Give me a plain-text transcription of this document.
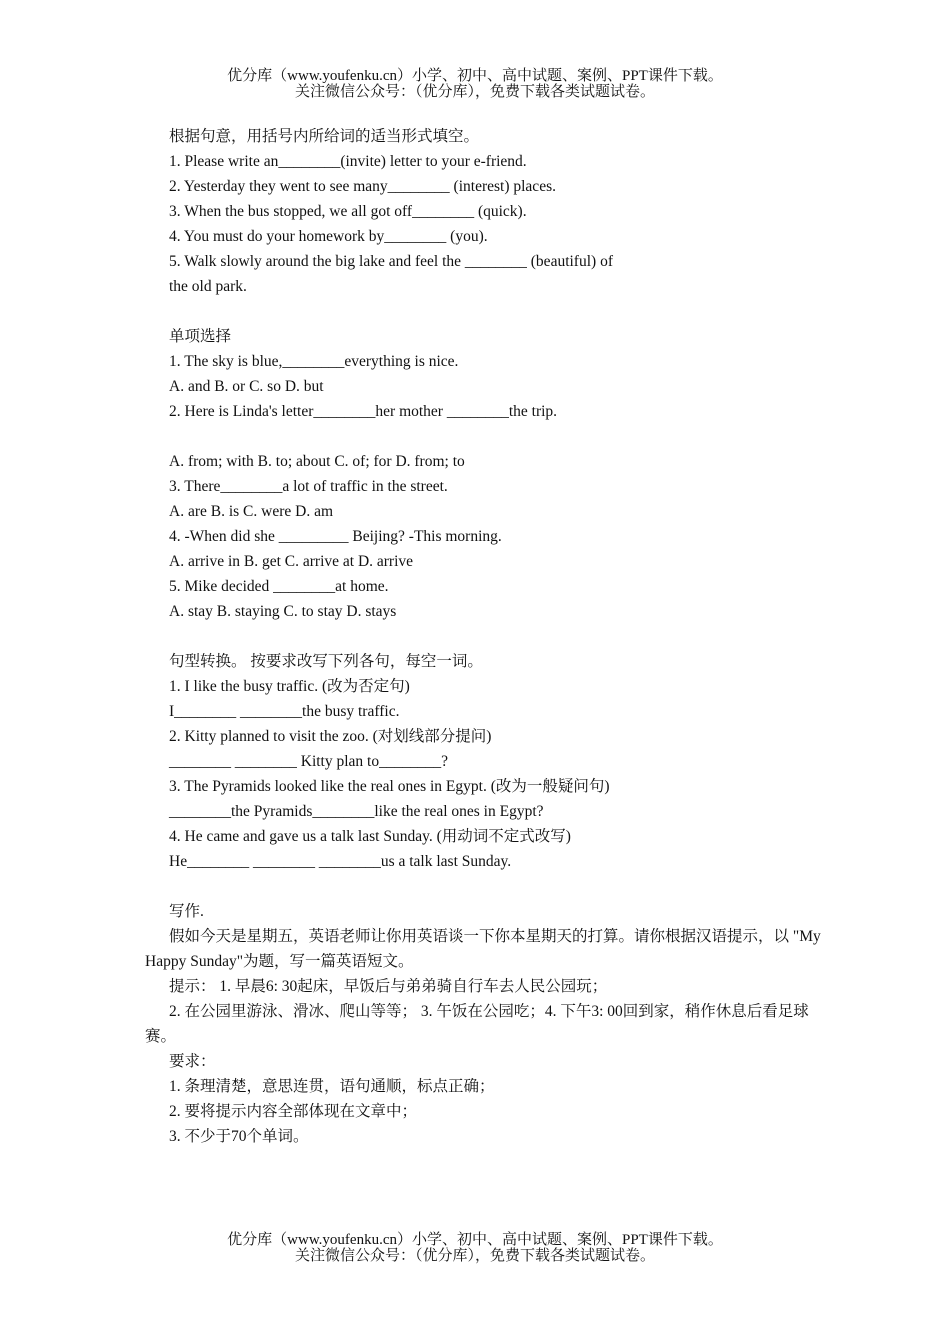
优分库（www.youfenku.cn）小学、初中、高中试题、案例、PPT课件下载。
关注微信公众号：（优分库），免费下载各类试题试卷。
根据句意，用括号内所给词的适当形式填空。
1. Please write an________(invite) letter to your e-friend.
2. Yesterday they went to see many________ (interest) places.
3. When the bus stopped, we all got off________ (quick).
4. You must do your homework by________ (you).
5. Walk slowly around the big lake and feel the ________ (beautiful) of
the old park.
单项选择
1. The sky is blue,________everything is nice.
A. and B. or C. so D. but
2. Here is Linda's letter________her mother ________the trip.
A. from; with B. to; about C. of; for D. from; to
3. There________a lot of traffic in the street.
A. are B. is C. were D. am
4. -When did she _________ Beijing? -This morning.
A. arrive in B. get C. arrive at D. arrive
5. Mike decided ________at home.
A. stay B. staying C. to stay D. stays
句型转换。 按要求改写下列各句，每空一词。
1. I like the busy traffic. (改为否定句)
I________ ________the busy traffic.
2. Kitty planned to visit the zoo. (对划线部分提问)
________ ________ Kitty plan to________?
3. The Pyramids looked like the real ones in Egypt. (改为一般疑问句)
________the Pyramids________like the real ones in Egypt?
4. He came and gave us a talk last Sunday. (用动词不定式改写)
He________ ________ ________us a talk last Sunday.
写作.
假如今天是星期五，英语老师让你用英语谈一下你本星期天的打算。请你根据汉语提示，以 "My Happy Sunday"为题，写一篇英语短文。
提示： 1. 早晨6: 30起床，早饭后与弟弟骑自行车去人民公园玩；
2. 在公园里游泳、滑冰、爬山等等； 3. 午饭在公园吃；4. 下午3: 00回到家，稍作休息后看足球赛。
要求：
1. 条理清楚，意思连贯，语句通顺，标点正确；
2. 要将提示内容全部体现在文章中；
3. 不少于70个单词。
优分库（www.youfenku.cn）小学、初中、高中试题、案例、PPT课件下载。
关注微信公众号：（优分库），免费下载各类试题试卷。
